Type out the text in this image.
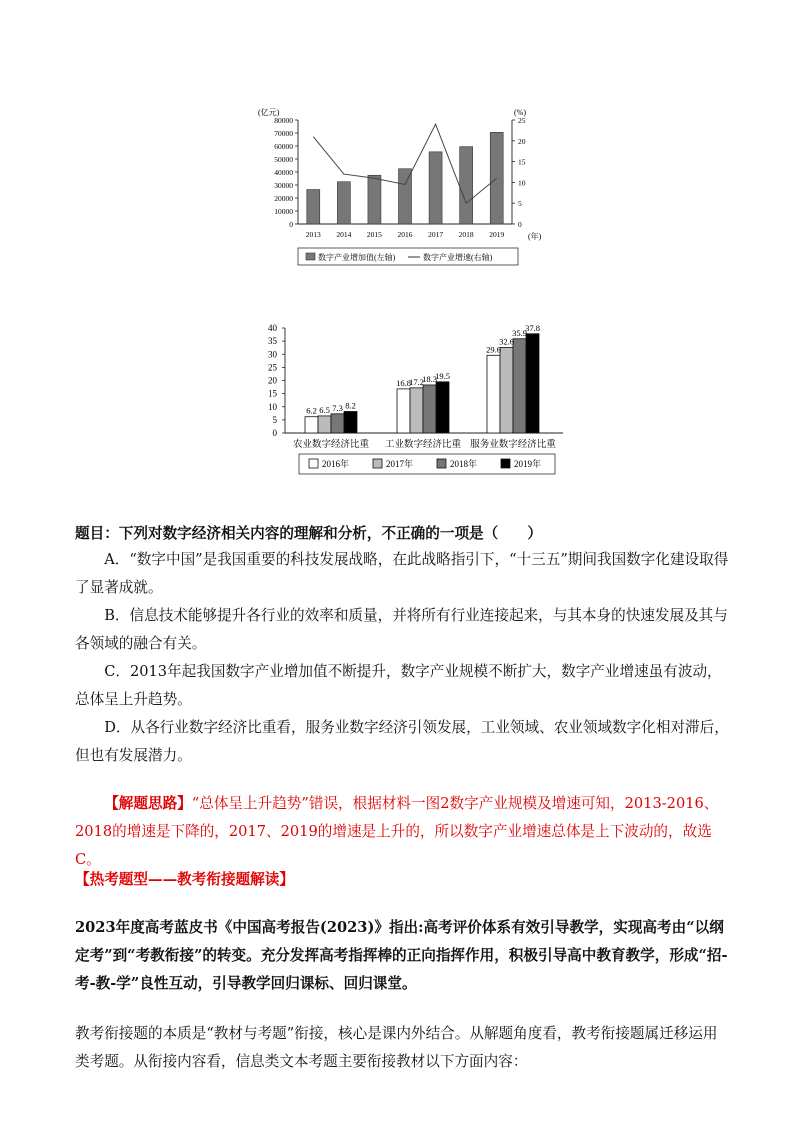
(亿元)	(%)
80000
70000
60000
50000
40000
30000
20000
10000
0
25
20
15
10
5
0
2013 2014 2015 2016 2017 2018 2019	(年)
数字产业增加值(左轴)	数字产业增速(右轴)
40
35
30
25
20
15
10
5
0
6.2 6.5 7.3 8.2
16.8
17.2
18.3
19.5
29.6
32.6
35.9
37.8
农业数字经济比重 工业数字经济比重 服务业数字经济比重
2016年	2017年	2018年	2019年

题目：下列对数字经济相关内容的理解和分析，不正确的一项是（　　）

A．“数字中国”是我国重要的科技发展战略，在此战略指引下，“十三五”期间我国数字化建设取得了显著成就。

B．信息技术能够提升各行业的效率和质量，并将所有行业连接起来，与其本身的快速发展及其与各领域的融合有关。

C．2013年起我国数字产业增加值不断提升，数字产业规模不断扩大，数字产业增速虽有波动，总体呈上升趋势。

D．从各行业数字经济比重看，服务业数字经济引领发展，工业领域、农业领域数字化相对滞后，但也有发展潜力。

【解题思路】“总体呈上升趋势”错误，根据材料一图2数字产业规模及增速可知，2013-2016、2018的增速是下降的，2017、2019的增速是上升的，所以数字产业增速总体是上下波动的，故选C。

【热考题型——教考衔接题解读】

2023年度高考蓝皮书《中国高考报告(2023)》指出:高考评价体系有效引导教学，实现高考由“以纲定考”到“考教衔接”的转变。充分发挥高考指挥棒的正向指挥作用，积极引导高中教育教学，形成“招-考-教-学”良性互动，引导教学回归课标、回归课堂。

教考衔接题的本质是“教材与考题”衔接，核心是课内外结合。从解题角度看，教考衔接题属迁移运用类考题。从衔接内容看，信息类文本考题主要衔接教材以下方面内容：
